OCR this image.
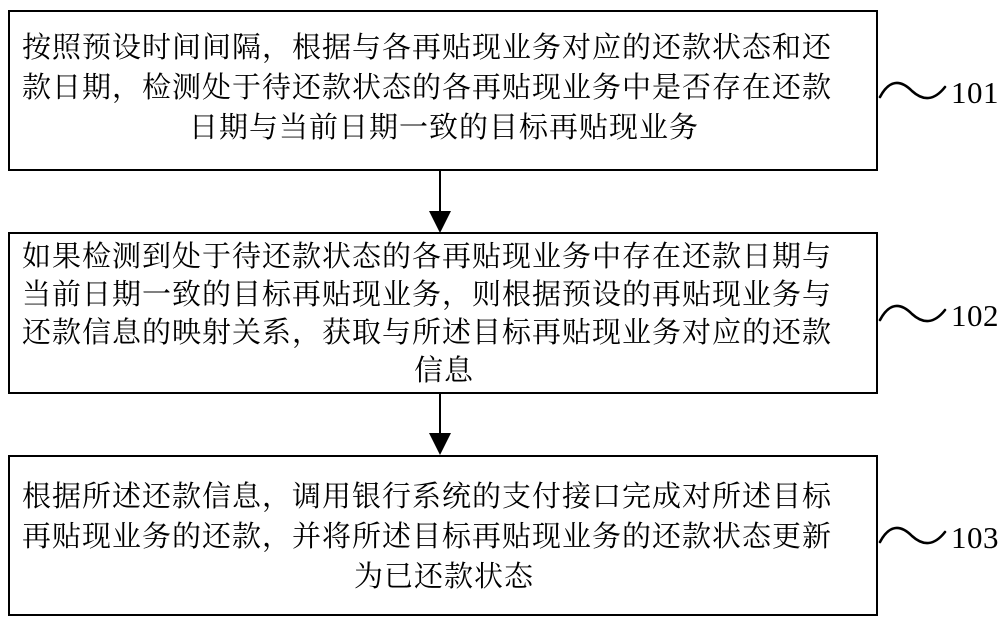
按照预设时间间隔，根据与各再贴现业务对应的还款状态和还
款日期，检测处于待还款状态的各再贴现业务中是否存在还款
日期与当前日期一致的目标再贴现业务
如果检测到处于待还款状态的各再贴现业务中存在还款日期与
当前日期一致的目标再贴现业务，则根据预设的再贴现业务与
还款信息的映射关系，获取与所述目标再贴现业务对应的还款
信息
根据所述还款信息，调用银行系统的支付接口完成对所述目标
再贴现业务的还款，并将所述目标再贴现业务的还款状态更新
为已还款状态
101
102
103
